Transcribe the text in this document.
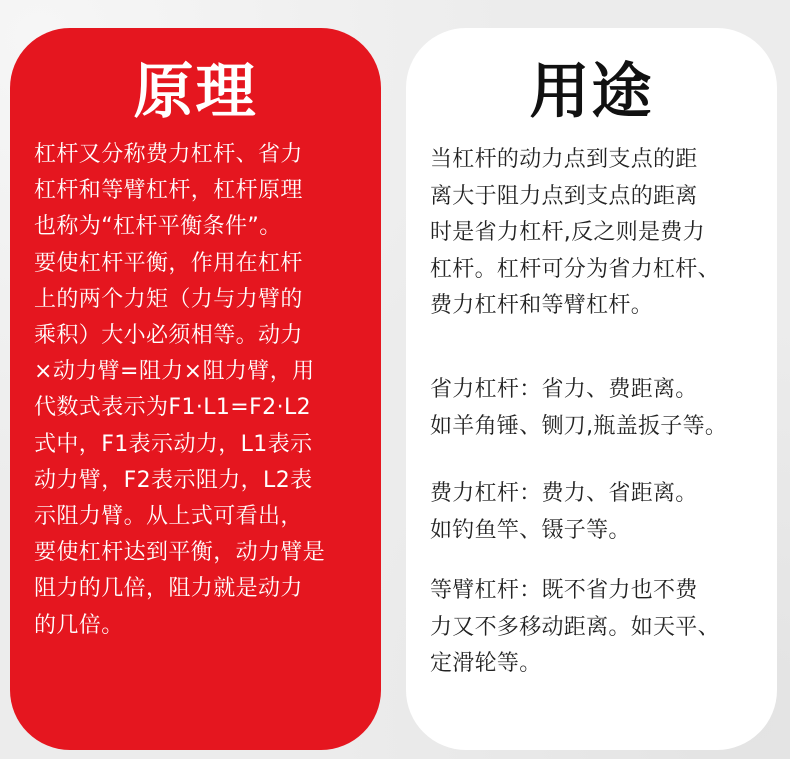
原理
杠杆又分称费力杠杆、省力
杠杆和等臂杠杆，杠杆原理
也称为“杠杆平衡条件”。
要使杠杆平衡，作用在杠杆
上的两个力矩（力与力臂的
乘积）大小必须相等。动力
×动力臂=阻力×阻力臂，用
代数式表示为F1·L1=F2·L2
式中，F1表示动力，L1表示
动力臂，F2表示阻力，L2表
示阻力臂。从上式可看出，
要使杠杆达到平衡，动力臂是
阻力的几倍，阻力就是动力
的几倍。
用途
当杠杆的动力点到支点的距
离大于阻力点到支点的距离
时是省力杠杆,反之则是费力
杠杆。杠杆可分为省力杠杆、
费力杠杆和等臂杠杆。
省力杠杆：省力、费距离。
如羊角锤、铡刀,瓶盖扳子等。
费力杠杆：费力、省距离。
如钓鱼竿、镊子等。
等臂杠杆：既不省力也不费
力又不多移动距离。如天平、
定滑轮等。
